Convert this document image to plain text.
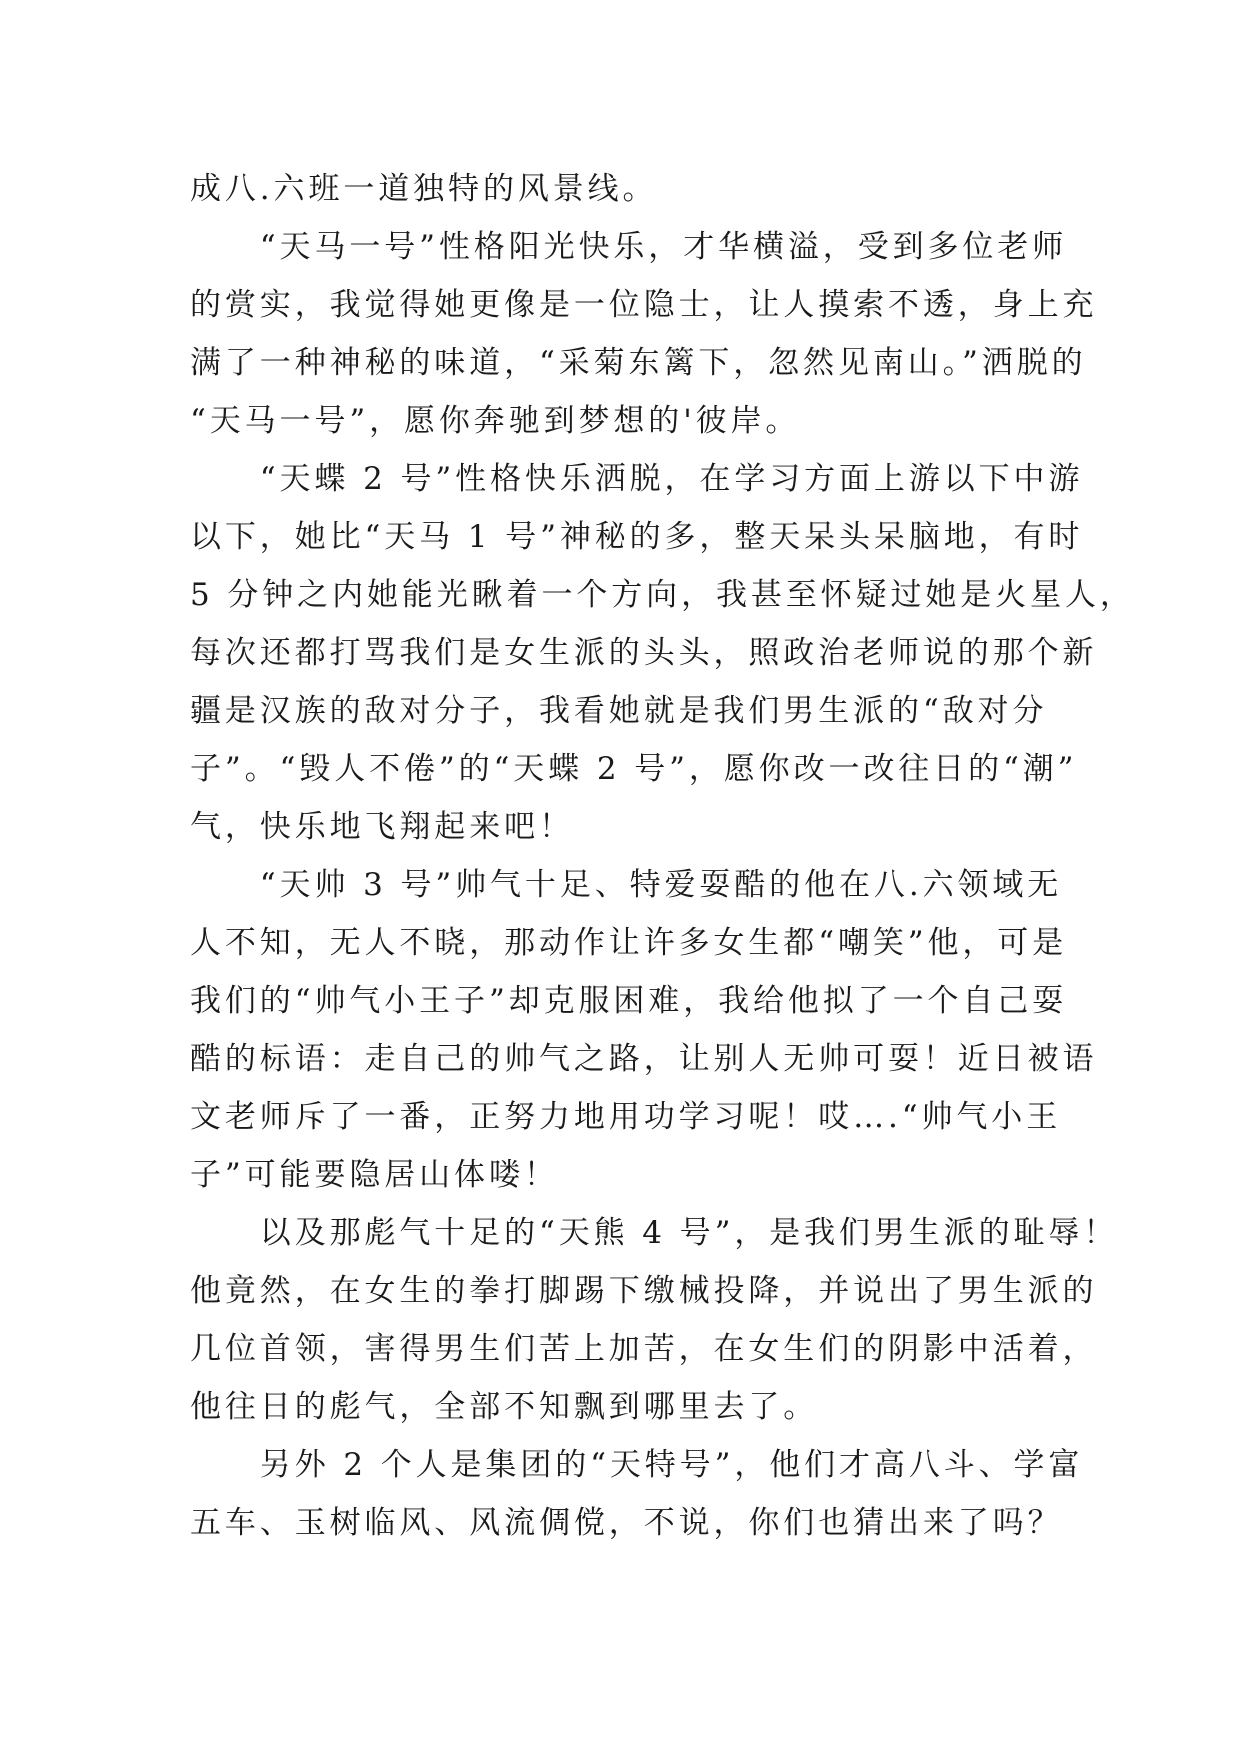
成八.六班一道独特的风景线。
　　“天马一号”性格阳光快乐，才华横溢，受到多位老师
的赏实，我觉得她更像是一位隐士，让人摸索不透，身上充
满了一种神秘的味道，“采菊东篱下，忽然见南山。”洒脱的
“天马一号”，愿你奔驰到梦想的'彼岸。
　　“天蝶 2 号”性格快乐洒脱，在学习方面上游以下中游
以下，她比“天马 1 号”神秘的多，整天呆头呆脑地，有时
5 分钟之内她能光瞅着一个方向，我甚至怀疑过她是火星人，
每次还都打骂我们是女生派的头头，照政治老师说的那个新
疆是汉族的敌对分子，我看她就是我们男生派的“敌对分
子”。“毁人不倦”的“天蝶 2 号”，愿你改一改往日的“潮”
气，快乐地飞翔起来吧！
　　“天帅 3 号”帅气十足、特爱耍酷的他在八.六领域无
人不知，无人不晓，那动作让许多女生都“嘲笑”他，可是
我们的“帅气小王子”却克服困难，我给他拟了一个自己耍
酷的标语：走自己的帅气之路，让别人无帅可耍！近日被语
文老师斥了一番，正努力地用功学习呢！哎….“帅气小王
子”可能要隐居山体喽！
　　以及那彪气十足的“天熊 4 号”，是我们男生派的耻辱！
他竟然，在女生的拳打脚踢下缴械投降，并说出了男生派的
几位首领，害得男生们苦上加苦，在女生们的阴影中活着，
他往日的彪气，全部不知飘到哪里去了。
　　另外 2 个人是集团的“天特号”，他们才高八斗、学富
五车、玉树临风、风流倜傥，不说，你们也猜出来了吗？
